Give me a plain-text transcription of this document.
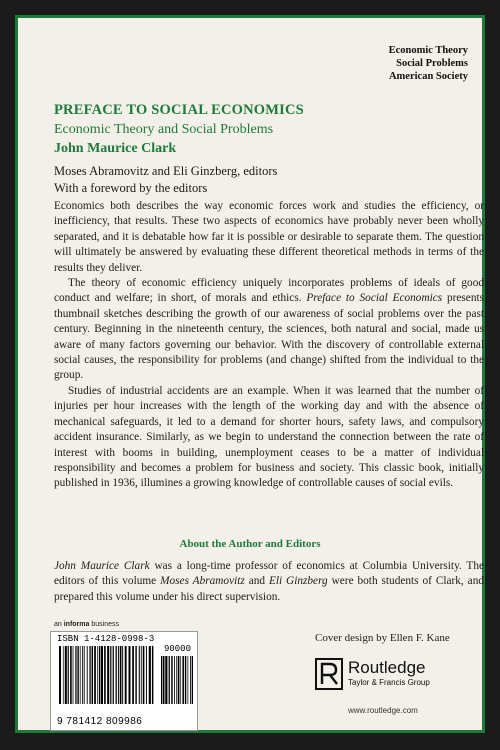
Economic Theory
Social Problems
American Society
PREFACE TO SOCIAL ECONOMICS
Economic Theory and Social Problems
John Maurice Clark
Moses Abramovitz and Eli Ginzberg, editors
With a foreword by the editors

Economics both describes the way economic forces work and studies the efficiency, or inefficiency, that results. These two aspects of economics have probably never been wholly separated, and it is debatable how far it is possible or desirable to separate them. The question will ultimately be answered by evaluating these different theoretical methods in terms of the results they deliver.

The theory of economic efficiency uniquely incorporates problems of ideals of good conduct and welfare; in short, of morals and ethics. Preface to Social Economics presents thumbnail sketches describing the growth of our awareness of social problems over the past century. Beginning in the nineteenth century, the sciences, both natural and social, made us aware of many factors governing our behavior. With the discovery of controllable external social causes, the responsibility for problems (and change) shifted from the individual to the group.

Studies of industrial accidents are an example. When it was learned that the number of injuries per hour increases with the length of the working day and with the absence of mechanical safeguards, it led to a demand for shorter hours, safety laws, and compulsory accident insurance. Similarly, as we begin to understand the connection between the rate of interest with booms in building, unemployment ceases to be a matter of individual responsibility and becomes a problem for business and society. This classic book, initially published in 1936, illumines a growing knowledge of controllable causes of social evils.

About the Author and Editors

John Maurice Clark was a long-time professor of economics at Columbia University. The editors of this volume Moses Abramovitz and Eli Ginzberg were both students of Clark, and prepared this volume under his direct supervision.

an informa business
ISBN 1-4128-0998-3
90000
9 781412 809986
Cover design by Ellen F. Kane
Routledge
Taylor & Francis Group
www.routledge.com
